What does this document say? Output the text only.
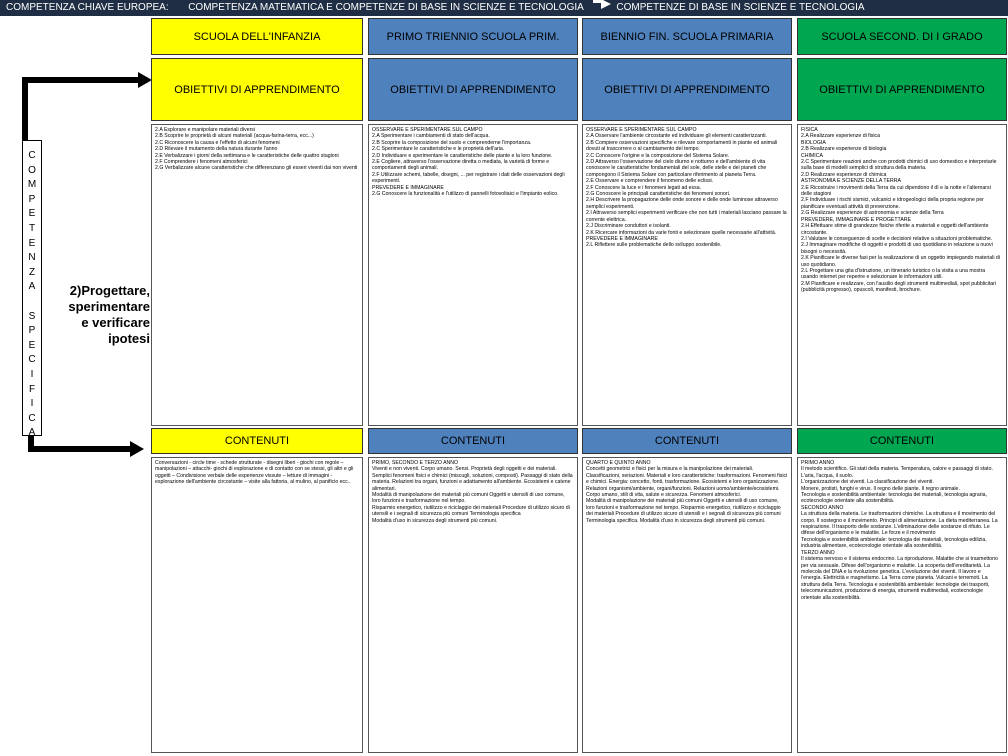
COMPETENZA CHIAVE EUROPEA: COMPETENZA MATEMATICA E COMPETENZE DI BASE IN SCIENZE E TECNOLOGIA	COMPETENZE DI BASE IN SCIENZE E TECNOLOGIA
C
O
M
P
E
T
E
N
Z
A

S
P
E
C
I
F
I
C
A
2)Progettare,
sperimentare
e verificare
ipotesi
SCUOLA DELL'INFANZIA
OBIETTIVI DI APPRENDIMENTO

2.A Esplorare e manipolare materiali diversi
2.B Scoprire le proprietà di alcuni materiali (acqua-farina-terra, ecc...)
2.C Riconoscere la causa e l'effetto di alcuni fenomeni
2.D Rilevare il mutamento della natura durante l'anno
2.E Verbalizzare i giorni della settimana e le caratteristiche delle quattro stagioni
2.F Comprendere i fenomeni atmosferici
2.G Verbalizzare alcune caratteristiche che differenziano gli esseri viventi dai non viventi

CONTENUTI

Conversazioni - circle time - schede strutturate - disegni liberi - giochi con regole – manipolazioni – attacchi- giochi di esplorazione e di contatto con se stessi, gli altri e gli oggetti – Condivisione verbale delle esperienze vissute – letture di immagini - esplorazione dell'ambiente circostante – visite alla fattoria, al mulino, al panificio ecc..

PRIMO TRIENNIO SCUOLA PRIM.
OBIETTIVI DI APPRENDIMENTO

OSSERVARE E SPERIMENTARE SUL CAMPO
2.A Sperimentare i cambiamenti di stato dell'acqua.
2.B Scoprire la composizione del suolo e comprenderne l'importanza.
2.C Sperimentare le caratteristiche e le proprietà dell'aria.
2.D Individuare e sperimentare le caratteristiche delle piante e la loro funzione.
2.E Cogliere, attraverso l'osservazione diretta o mediata, la varietà di forme e comportamenti degli animali.
2.F Utilizzare schemi, tabelle, disegni, ... per registrare i dati delle osservazioni degli esperimenti.
PREVEDERE E IMMAGINARE
2.G Conoscere la funzionalità e l'utilizzo di pannelli fotovoltaici e l'impianto eolico.

CONTENUTI

PRIMO, SECONDO E TERZO ANNO
Viventi e non viventi. Corpo umano. Sensi. Proprietà degli oggetti e dei materiali. Semplici fenomeni fisici e chimici (miscugli, soluzioni, composti). Passaggi di stato della materia. Relazioni tra organi, funzioni e adattamento all'ambiente. Ecosistemi e catene alimentari.
Modalità di manipolazione dei materiali più comuni Oggetti e utensili di uso comune, loro funzioni e trasformazione nel tempo.
Risparmio energetico, riutilizzo e riciclaggio dei materiali Procedure di utilizzo sicuro di utensili e i segnali di sicurezza più comuni Terminologia specifica
Modalità d'uso in sicurezza degli strumenti più comuni.

BIENNIO FIN. SCUOLA PRIMARIA
OBIETTIVI DI APPRENDIMENTO

OSSERVARE E SPERIMENTARE SUL CAMPO
2.A Osservare l'ambiente circostante ed individuare gli elementi caratterizzanti.
2.B Compiere osservazioni specifiche e rilevare comportamenti in piante ed animali dovuti al trascorrere o al cambiamento del tempo.
2.C Conoscere l'origine e la composizione del Sistema Solare.
2.D Attraverso l'osservazione del cielo diurno e notturno e dell'ambiente di vita conoscere le caratteristiche fondamentali del sole, delle stelle e dei pianeti che compongono il Sistema Solare con particolare riferimento al pianeta Terra.
2.E Osservare e comprendere il fenomeno delle eclissi.
2.F Conoscere la luce e i fenomeni legati ad essa.
2.G Conoscere le principali caratteristiche dei fenomeni sonori.
2.H Descrivere la propagazione delle onde sonore e delle onde luminose attraverso semplici esperimenti.
2.I Attraverso semplici esperimenti verificare che non tutti i materiali lasciano passare la corrente elettrica.
2.J Discriminare conduttori e isolanti.
2.K Ricercare informazioni da varie fonti e selezionare quelle necessarie all'attività.
PREVEDERE E IMMAGINARE
2.L Riflettere sulle problematiche dello sviluppo sostenibile.

CONTENUTI

QUARTO E QUINTO ANNO
Concetti geometrici e fisici per la misura e la manipolazione dei materiali. Classificazioni, seriazioni. Materiali e loro caratteristiche: trasformazioni. Fenomeni fisici e chimici. Energia: concetto, fonti, trasformazione. Ecosistemi e loro organizzazione. Relazioni organismi/ambiente, organi/funzioni. Relazioni uomo/ambiente/ecosistemi. Corpo umano, stili di vita, salute e sicurezza. Fenomeni atmosferici.
Modalità di manipolazione dei materiali più comuni Oggetti e utensili di uso comune, loro funzioni e trasformazione nel tempo. Risparmio energetico, riutilizzo e riciclaggio dei materiali Procedure di utilizzo sicuro di utensili e i segnali di sicurezza più comuni Terminologia specifica. Modalità d'uso in sicurezza degli strumenti più comuni.

SCUOLA SECOND. DI I GRADO
OBIETTIVI DI APPRENDIMENTO

FISICA
2.A Realizzare esperienze di fisica
BIOLOGIA
2.B Realizzare esperienze di biologia
CHIMICA
2.C Sperimentare reazioni anche con prodotti chimici di uso domestico e interpretarle sulla base di modelli semplici di struttura della materia.
2.D Realizzare esperienze di chimica
ASTRONOMIA E SCIENZE DELLA TERRA
2.E Ricostruire i movimenti della Terra da cui dipendono il dì e la notte e l'alternarsi delle stagioni
2.F Individuare i rischi sismici, vulcanici e idrogeologici della propria regione per pianificare eventuali attività di prevenzione.
2.G Realizzare esperienze di astronomia e scienze della Terra
PREVEDERE, IMMAGINARE E PROGETTARE
2.H Effettuare stime di grandezze fisiche riferite a materiali e oggetti dell'ambiente circostante.
2.I Valutare le conseguenze di scelte e decisioni relative a situazioni problematiche.
2.J Immaginare modifiche di oggetti e prodotti di uso quotidiano in relazione a nuovi bisogni o necessità.
2.K Pianificare le diverse fasi per la realizzazione di un oggetto impiegando materiali di uso quotidiano.
2.L Progettare una gita d'istruzione, un itinerario turistico o la visita a una mostra usando internet per reperire e selezionare le informazioni utili.
2.M Pianificare e realizzare, con l'ausilio degli strumenti multimediali, spot pubblicitari (pubblicità progresso), opuscoli, manifesti, brochure.

CONTENUTI

PRIMO ANNO
Il metodo scientifico. Gli stati della materia. Temperatura, calore e passaggi di stato. L'aria, l'acqua, il suolo.
L'organizzazione dei viventi. La classificazione dei viventi.
Monere, protisti, funghi e virus. Il regno delle piante. Il regno animale.
Tecnologia e sostenibilità ambientale: tecnologia dei materiali, tecnologia agraria, ecotecnologie orientate alla sostenibilità.
SECONDO ANNO
La struttura della materia. Le trasformazioni chimiche. La struttura e il movimento del corpo. Il sostegno e il movimento. Principi di alimentazione. La dieta mediterranea. La respirazione. Il trasporto delle sostanze. L'eliminazione delle sostanze di rifiuto. Le difese dell'organismo e le malattie. Le forze e il movimento
Tecnologia e sostenibilità ambientale: tecnologia dei materiali, tecnologia edilizia, industria alimentare, ecotecnologie orientate alla sostenibilità.
TERZO ANNO
Il sistema nervoso e il sistema endocrino. La riproduzione. Malattie che si trasmettono per via sessuale. Difese dell'organismo e malattie. La scoperta dell'ereditarietà. La molecola del DNA e la rivoluzione genetica. L'evoluzione dei viventi. Il lavoro e l'energia. Elettricità e magnetismo. La Terra come pianeta. Vulcani e terremoti. La struttura della Terra. Tecnologia e sostenibilità ambientale: tecnologie dei trasporti, telecomunicazioni, produzione di energia, strumenti multimediali, ecotecnologie orientate alla sostenibilità.
